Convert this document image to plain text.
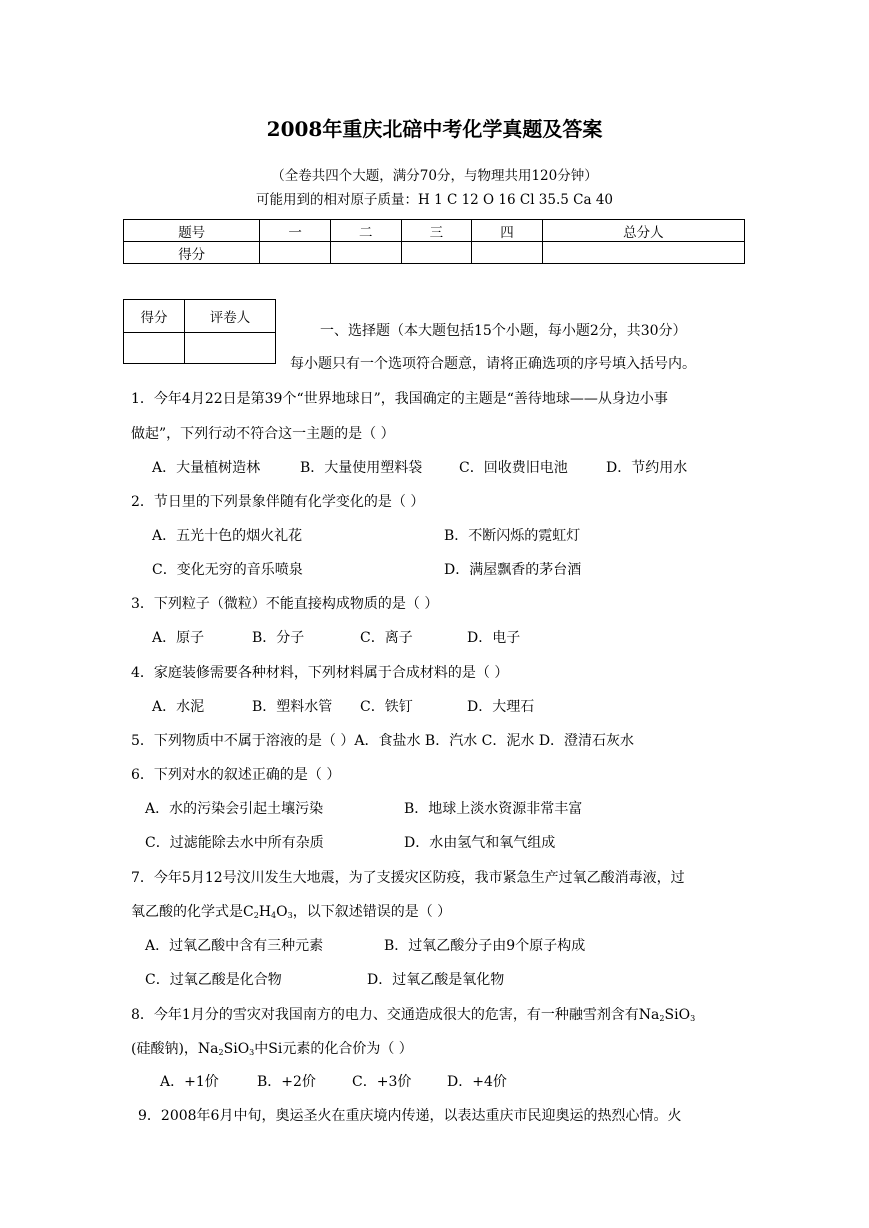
2008年重庆北碚中考化学真题及答案
（全卷共四个大题，满分70分，与物理共用120分钟）
可能用到的相对原子质量：H 1 C 12 O 16 Cl 35.5 Ca 40
题号	一	二	三	四	总分人
得分					
得分	评卷人

一、选择题（本大题包括15个小题，每小题2分，共30分）
每小题只有一个选项符合题意，请将正确选项的序号填入括号内。
1．今年4月22日是第39个“世界地球日”，我国确定的主题是“善待地球——从身边小事
做起”，下列行动不符合这一主题的是（ ）
A．大量植树造林	B．大量使用塑料袋	C．回收费旧电池	D．节约用水
2．节日里的下列景象伴随有化学变化的是（ ）
A．五光十色的烟火礼花	B．不断闪烁的霓虹灯
C．变化无穷的音乐喷泉	D．满屋飘香的茅台酒
3．下列粒子（微粒）不能直接构成物质的是（ ）
A．原子	B．分子	C．离子	D．电子
4．家庭装修需要各种材料，下列材料属于合成材料的是（ ）
A．水泥	B．塑料水管 C．铁钉	D．大理石
5．下列物质中不属于溶液的是（ ）A．食盐水 B．汽水 C．泥水 D．澄清石灰水
6．下列对水的叙述正确的是（ ）
A．水的污染会引起土壤污染	B．地球上淡水资源非常丰富
C．过滤能除去水中所有杂质	D．水由氢气和氧气组成
7．今年5月12号汶川发生大地震，为了支援灾区防疫，我市紧急生产过氧乙酸消毒液，过
氧乙酸的化学式是$C_2H_4O_3$，以下叙述错误的是（ ）
A．过氧乙酸中含有三种元素	B．过氧乙酸分子由9个原子构成
C．过氧乙酸是化合物	D．过氧乙酸是氧化物
8．今年1月分的雪灾对我国南方的电力、交通造成很大的危害，有一种融雪剂含有$Na_2SiO_3$
(硅酸钠)，$Na_2SiO_3$中Si元素的化合价为（ ）
A．+1价	B．+2价	C．+3价	D．+4价
9．2008年6月中旬，奥运圣火在重庆境内传递，以表达重庆市民迎奥运的热烈心情。火
